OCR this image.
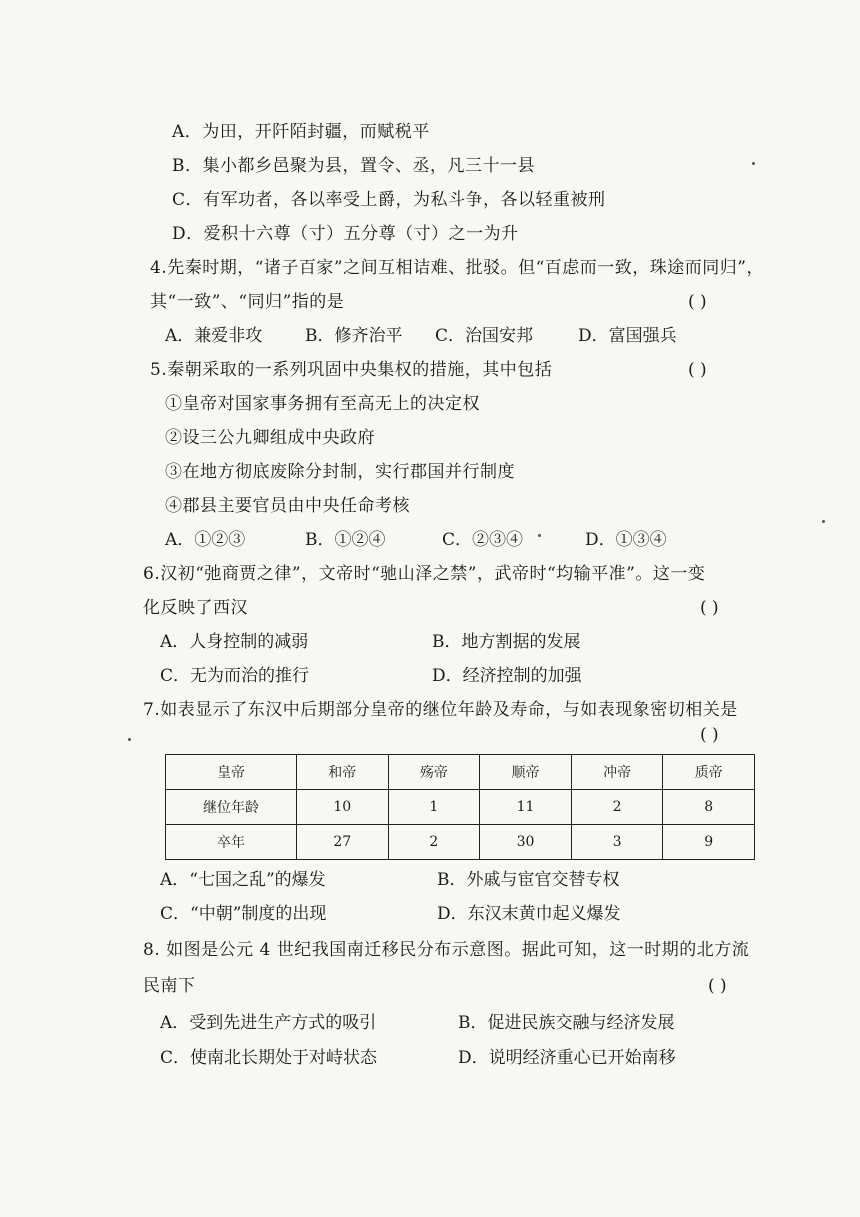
A．为田，开阡陌封疆，而赋税平
B．集小都乡邑聚为县，置令、丞，凡三十一县
C．有军功者，各以率受上爵，为私斗争，各以轻重被刑
D．爱积十六尊（寸）五分尊（寸）之一为升
4.先秦时期，“诸子百家”之间互相诘难、批驳。但“百虑而一致，珠途而同归”，
其“一致”、“同归”指的是	( )
A．兼爱非攻	B．修齐治平 C．治国安邦	D．富国强兵
5.秦朝采取的一系列巩固中央集权的措施，其中包括	( )
①皇帝对国家事务拥有至高无上的决定权
②设三公九卿组成中央政府
③在地方彻底废除分封制，实行郡国并行制度
④郡县主要官员由中央任命考核
A．①②③	B．①②④	C．②③④	D．①③④
6.汉初“弛商贾之律”，文帝时“驰山泽之禁”，武帝时“均输平准”。这一变
化反映了西汉	( )
A．人身控制的减弱	B．地方割据的发展
C．无为而治的推行	D．经济控制的加强
7.如表显示了东汉中后期部分皇帝的继位年龄及寿命，与如表现象密切相关是
( )
皇帝	和帝	殇帝	顺帝	冲帝	质帝
继位年龄	10	1	11	2	8
卒年	27	2	30	3	9
A．“七国之乱”的爆发	B．外戚与宦官交替专权
C．“中朝”制度的出现	D．东汉末黄巾起义爆发
8. 如图是公元 4 世纪我国南迁移民分布示意图。据此可知，这一时期的北方流
民南下	( )
A．受到先进生产方式的吸引	B．促进民族交融与经济发展
C．使南北长期处于对峙状态	D．说明经济重心已开始南移
